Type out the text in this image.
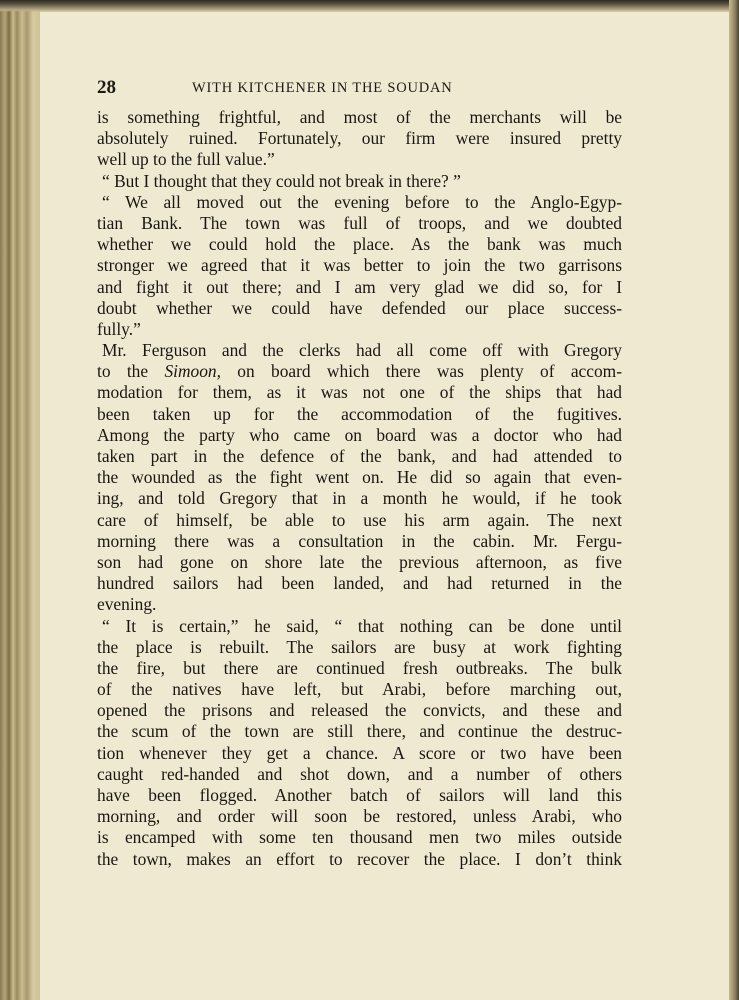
28	WITH KITCHENER IN THE SOUDAN
is something frightful, and most of the merchants will be
absolutely ruined. Fortunately, our firm were insured pretty
well up to the full value.”
“ But I thought that they could not break in there? ”
“ We all moved out the evening before to the Anglo-Egyp-
tian Bank. The town was full of troops, and we doubted
whether we could hold the place. As the bank was much
stronger we agreed that it was better to join the two garrisons
and fight it out there; and I am very glad we did so, for I
doubt whether we could have defended our place success-
fully.”
Mr. Ferguson and the clerks had all come off with Gregory
to the Simoon, on board which there was plenty of accom-
modation for them, as it was not one of the ships that had
been taken up for the accommodation of the fugitives.
Among the party who came on board was a doctor who had
taken part in the defence of the bank, and had attended to
the wounded as the fight went on. He did so again that even-
ing, and told Gregory that in a month he would, if he took
care of himself, be able to use his arm again. The next
morning there was a consultation in the cabin. Mr. Fergu-
son had gone on shore late the previous afternoon, as five
hundred sailors had been landed, and had returned in the
evening.
“ It is certain,” he said, “ that nothing can be done until
the place is rebuilt. The sailors are busy at work fighting
the fire, but there are continued fresh outbreaks. The bulk
of the natives have left, but Arabi, before marching out,
opened the prisons and released the convicts, and these and
the scum of the town are still there, and continue the destruc-
tion whenever they get a chance. A score or two have been
caught red-handed and shot down, and a number of others
have been flogged. Another batch of sailors will land this
morning, and order will soon be restored, unless Arabi, who
is encamped with some ten thousand men two miles outside
the town, makes an effort to recover the place. I don’t think
